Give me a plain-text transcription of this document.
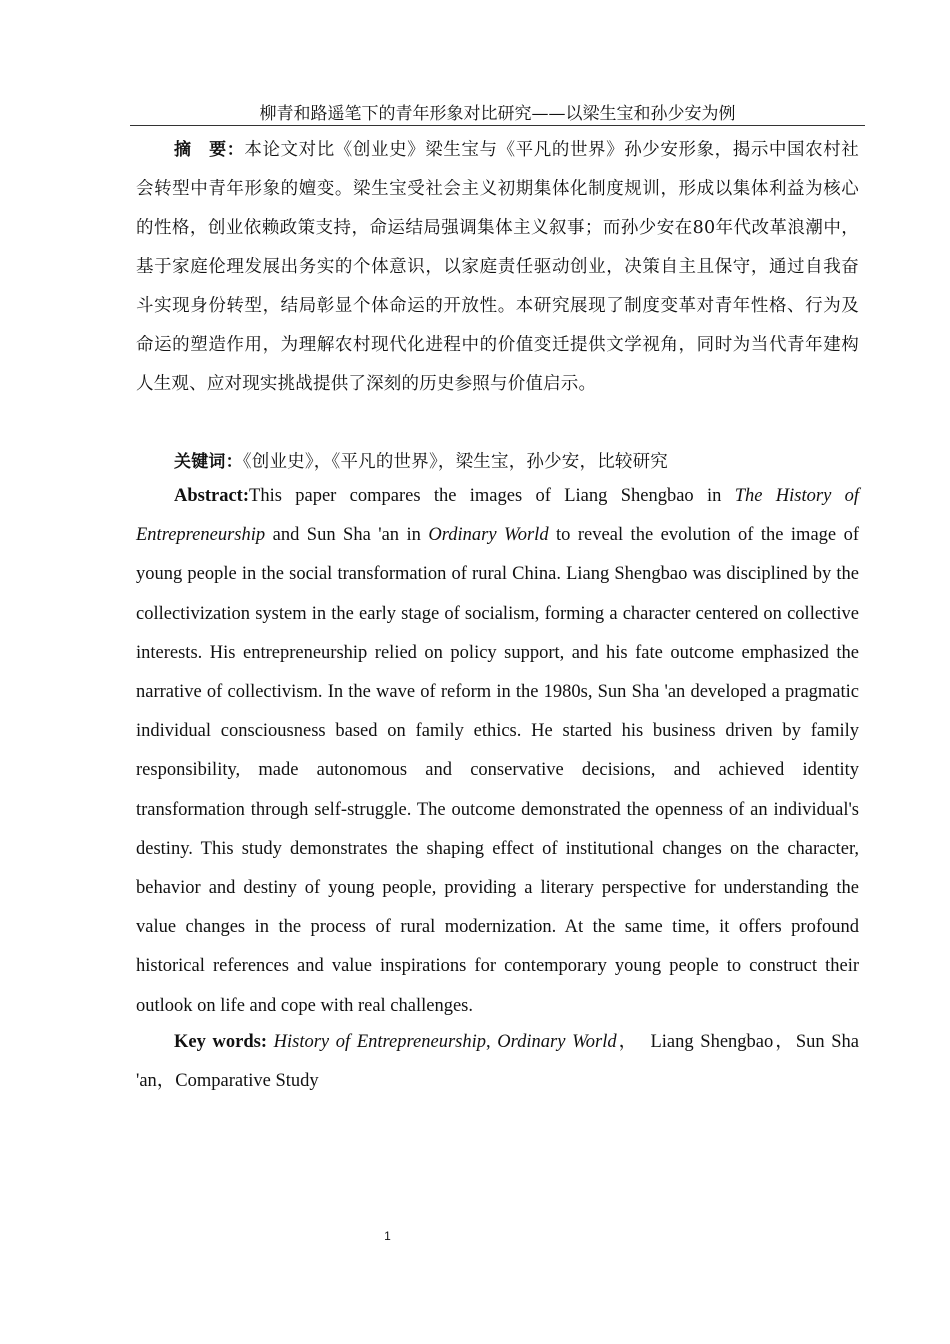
柳青和路遥笔下的青年形象对比研究——以梁生宝和孙少安为例

摘　要：本论文对比《创业史》梁生宝与《平凡的世界》孙少安形象，揭示中国农村社会转型中青年形象的嬗变。梁生宝受社会主义初期集体化制度规训，形成以集体利益为核心的性格，创业依赖政策支持，命运结局强调集体主义叙事；而孙少安在80年代改革浪潮中，基于家庭伦理发展出务实的个体意识，以家庭责任驱动创业，决策自主且保守，通过自我奋斗实现身份转型，结局彰显个体命运的开放性。本研究展现了制度变革对青年性格、行为及命运的塑造作用，为理解农村现代化进程中的价值变迁提供文学视角，同时为当代青年建构人生观、应对现实挑战提供了深刻的历史参照与价值启示。

关键词：《创业史》，《平凡的世界》，梁生宝，孙少安，比较研究

Abstract:This paper compares the images of Liang Shengbao in The History of Entrepreneurship and Sun Sha 'an in Ordinary World to reveal the evolution of the image of young people in the social transformation of rural China. Liang Shengbao was disciplined by the collectivization system in the early stage of socialism, forming a character centered on collective interests. His entrepreneurship relied on policy support, and his fate outcome emphasized the narrative of collectivism. In the wave of reform in the 1980s, Sun Sha 'an developed a pragmatic individual consciousness based on family ethics. He started his business driven by family responsibility, made autonomous and conservative decisions, and achieved identity transformation through self-struggle. The outcome demonstrated the openness of an individual's destiny. This study demonstrates the shaping effect of institutional changes on the character, behavior and destiny of young people, providing a literary perspective for understanding the value changes in the process of rural modernization. At the same time, it offers profound historical references and value inspirations for contemporary young people to construct their outlook on life and cope with real challenges.

Key words: History of Entrepreneurship, Ordinary World，　Liang Shengbao，Sun Sha 'an，Comparative Study

1
